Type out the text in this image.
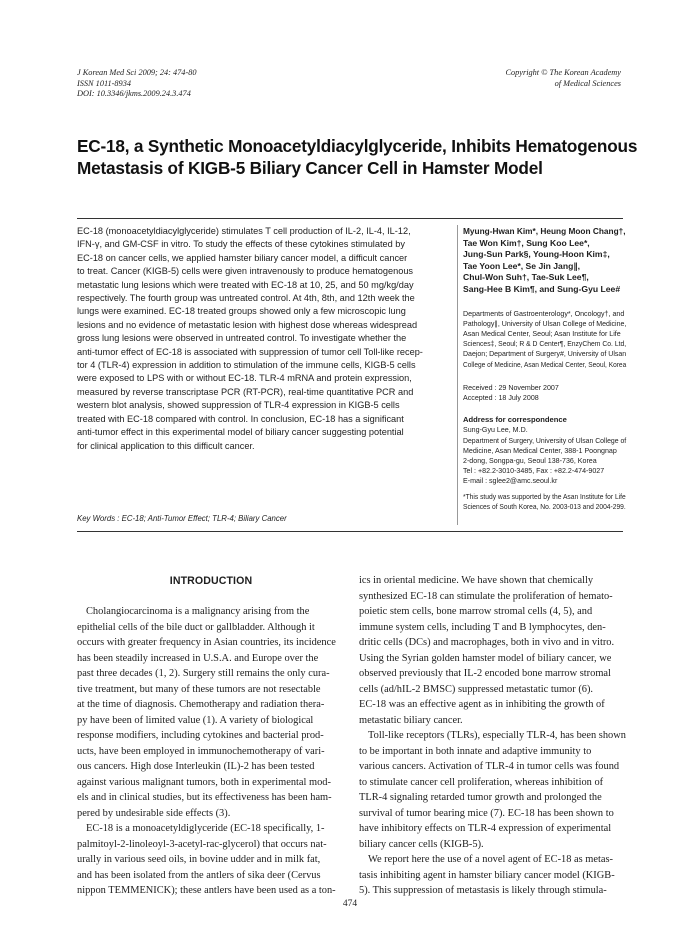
J Korean Med Sci 2009; 24: 474-80
ISSN 1011-8934
DOI: 10.3346/jkms.2009.24.3.474
Copyright © The Korean Academy
of Medical Sciences
EC-18, a Synthetic Monoacetyldiacylglyceride, Inhibits Hematogenous
Metastasis of KIGB-5 Biliary Cancer Cell in Hamster Model
EC-18 (monoacetyldiacylglyceride) stimulates T cell production of IL-2, IL-4, IL-12,
IFN-γ, and GM-CSF in vitro. To study the effects of these cytokines stimulated by
EC-18 on cancer cells, we applied hamster biliary cancer model, a difficult cancer
to treat. Cancer (KIGB-5) cells were given intravenously to produce hematogenous
metastatic lung lesions which were treated with EC-18 at 10, 25, and 50 mg/kg/day
respectively. The fourth group was untreated control. At 4th, 8th, and 12th week the
lungs were examined. EC-18 treated groups showed only a few microscopic lung
lesions and no evidence of metastatic lesion with highest dose whereas widespread
gross lung lesions were observed in untreated control. To investigate whether the
anti-tumor effect of EC-18 is associated with suppression of tumor cell Toll-like recep-
tor 4 (TLR-4) expression in addition to stimulation of the immune cells, KIGB-5 cells
were exposed to LPS with or without EC-18. TLR-4 mRNA and protein expression,
measured by reverse transcriptase PCR (RT-PCR), real-time quantitative PCR and
western blot analysis, showed suppression of TLR-4 expression in KIGB-5 cells
treated with EC-18 compared with control. In conclusion, EC-18 has a significant
anti-tumor effect in this experimental model of biliary cancer suggesting potential
for clinical application to this difficult cancer.
Key Words : EC-18; Anti-Tumor Effect; TLR-4; Biliary Cancer
Myung-Hwan Kim*, Heung Moon Chang†,
Tae Won Kim†, Sung Koo Lee*,
Jung-Sun Park§, Young-Hoon Kim‡,
Tae Yoon Lee*, Se Jin Jang∥,
Chul-Won Suh†, Tae-Suk Lee¶,
Sang-Hee B Kim¶, and Sung-Gyu Lee#
Departments of Gastroenterology*, Oncology†, and
Pathology∥, University of Ulsan College of Medicine,
Asan Medical Center, Seoul; Asan Institute for Life
Sciences‡, Seoul; R & D Center¶, EnzyChem Co. Ltd,
Daejon; Department of Surgery#, University of Ulsan
College of Medicine, Asan Medical Center, Seoul, Korea
Received : 29 November 2007
Accepted : 18 July 2008
Address for correspondence
Sung-Gyu Lee, M.D.
Department of Surgery, University of Ulsan College of
Medicine, Asan Medical Center, 388-1 Poongnap
2-dong, Songpa-gu, Seoul 138-736, Korea
Tel : +82.2-3010-3485, Fax : +82.2-474-9027
E-mail : sglee2@amc.seoul.kr
*This study was supported by the Asan Institute for Life
Sciences of South Korea, No. 2003-013 and 2004-299.
INTRODUCTION
Cholangiocarcinoma is a malignancy arising from the
epithelial cells of the bile duct or gallbladder. Although it
occurs with greater frequency in Asian countries, its incidence
has been steadily increased in U.S.A. and Europe over the
past three decades (1, 2). Surgery still remains the only cura-
tive treatment, but many of these tumors are not resectable
at the time of diagnosis. Chemotherapy and radiation thera-
py have been of limited value (1). A variety of biological
response modifiers, including cytokines and bacterial prod-
ucts, have been employed in immunochemotherapy of vari-
ous cancers. High dose Interleukin (IL)-2 has been tested
against various malignant tumors, both in experimental mod-
els and in clinical studies, but its effectiveness has been ham-
pered by undesirable side effects (3).
EC-18 is a monoacetyldiglyceride (EC-18 specifically, 1-
palmitoyl-2-linoleoyl-3-acetyl-rac-glycerol) that occurs nat-
urally in various seed oils, in bovine udder and in milk fat,
and has been isolated from the antlers of sika deer (Cervus
nippon TEMMENICK); these antlers have been used as a ton-
ics in oriental medicine. We have shown that chemically
synthesized EC-18 can stimulate the proliferation of hemato-
poietic stem cells, bone marrow stromal cells (4, 5), and
immune system cells, including T and B lymphocytes, den-
dritic cells (DCs) and macrophages, both in vivo and in vitro.
Using the Syrian golden hamster model of biliary cancer, we
observed previously that IL-2 encoded bone marrow stromal
cells (ad/hIL-2 BMSC) suppressed metastatic tumor (6).
EC-18 was an effective agent as in inhibiting the growth of
metastatic biliary cancer.
Toll-like receptors (TLRs), especially TLR-4, has been shown
to be important in both innate and adaptive immunity to
various cancers. Activation of TLR-4 in tumor cells was found
to stimulate cancer cell proliferation, whereas inhibition of
TLR-4 signaling retarded tumor growth and prolonged the
survival of tumor bearing mice (7). EC-18 has been shown to
have inhibitory effects on TLR-4 expression of experimental
biliary cancer cells (KIGB-5).
We report here the use of a novel agent of EC-18 as metas-
tasis inhibiting agent in hamster biliary cancer model (KIGB-
5). This suppression of metastasis is likely through stimula-
474
